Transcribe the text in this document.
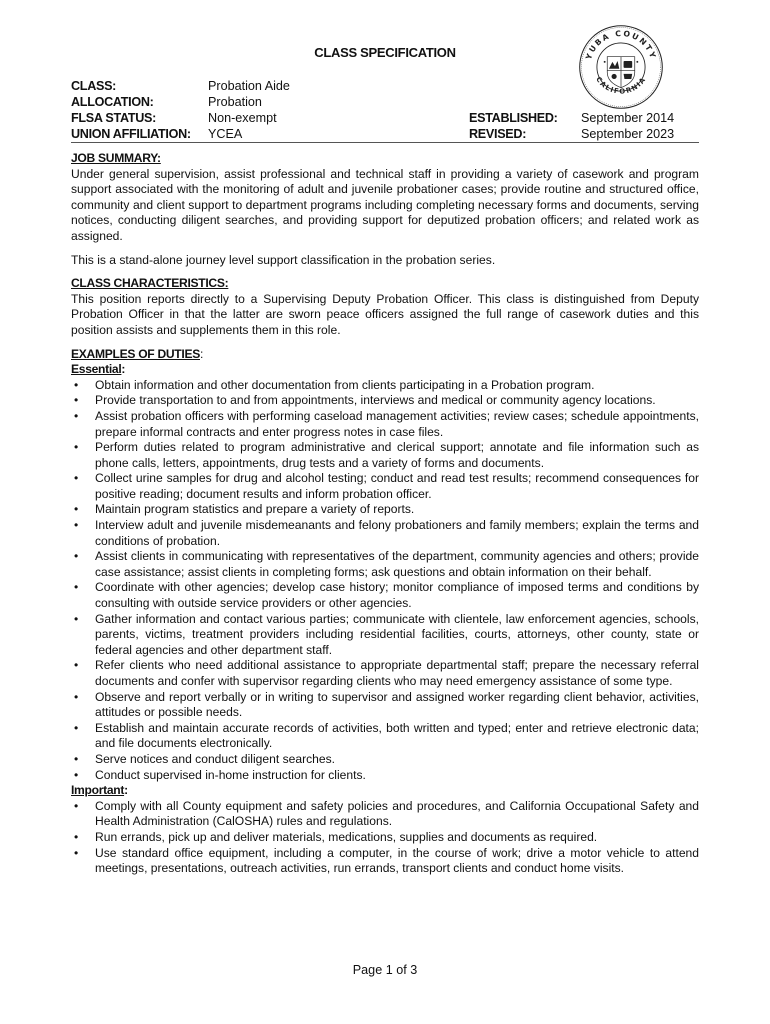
CLASS SPECIFICATION	YUBA COUNTY
CALIFORNIA
CLASS:
ALLOCATION:
FLSA STATUS:
UNION AFFILIATION:
Probation Aide
Probation
Non-exempt
YCEA
ESTABLISHED:
REVISED:
September 2014
September 2023
JOB SUMMARY:
Under general supervision, assist professional and technical staff in providing a variety of casework and program support associated with the monitoring of adult and juvenile probationer cases; provide routine and structured office, community and client support to department programs including completing necessary forms and documents, serving notices, conducting diligent searches, and providing support for deputized probation officers; and related work as assigned.
This is a stand-alone journey level support classification in the probation series.
CLASS CHARACTERISTICS:
This position reports directly to a Supervising Deputy Probation Officer. This class is distinguished from Deputy Probation Officer in that the latter are sworn peace officers assigned the full range of casework duties and this position assists and supplements them in this role.
EXAMPLES OF DUTIES:
Essential:
• Obtain information and other documentation from clients participating in a Probation program.
• Provide transportation to and from appointments, interviews and medical or community agency locations.
• Assist probation officers with performing caseload management activities; review cases; schedule appointments, prepare informal contracts and enter progress notes in case files.
• Perform duties related to program administrative and clerical support; annotate and file information such as phone calls, letters, appointments, drug tests and a variety of forms and documents.
• Collect urine samples for drug and alcohol testing; conduct and read test results; recommend consequences for positive reading; document results and inform probation officer.
• Maintain program statistics and prepare a variety of reports.
• Interview adult and juvenile misdemeanants and felony probationers and family members; explain the terms and conditions of probation.
• Assist clients in communicating with representatives of the department, community agencies and others; provide case assistance; assist clients in completing forms; ask questions and obtain information on their behalf.
• Coordinate with other agencies; develop case history; monitor compliance of imposed terms and conditions by consulting with outside service providers or other agencies.
• Gather information and contact various parties; communicate with clientele, law enforcement agencies, schools, parents, victims, treatment providers including residential facilities, courts, attorneys, other county, state or federal agencies and other department staff.
• Refer clients who need additional assistance to appropriate departmental staff; prepare the necessary referral documents and confer with supervisor regarding clients who may need emergency assistance of some type.
• Observe and report verbally or in writing to supervisor and assigned worker regarding client behavior, activities, attitudes or possible needs.
• Establish and maintain accurate records of activities, both written and typed; enter and retrieve electronic data; and file documents electronically.
• Serve notices and conduct diligent searches.
• Conduct supervised in-home instruction for clients.
Important:
• Comply with all County equipment and safety policies and procedures, and California Occupational Safety and Health Administration (CalOSHA) rules and regulations.
• Run errands, pick up and deliver materials, medications, supplies and documents as required.
• Use standard office equipment, including a computer, in the course of work; drive a motor vehicle to attend meetings, presentations, outreach activities, run errands, transport clients and conduct home visits.
Page 1 of 3
